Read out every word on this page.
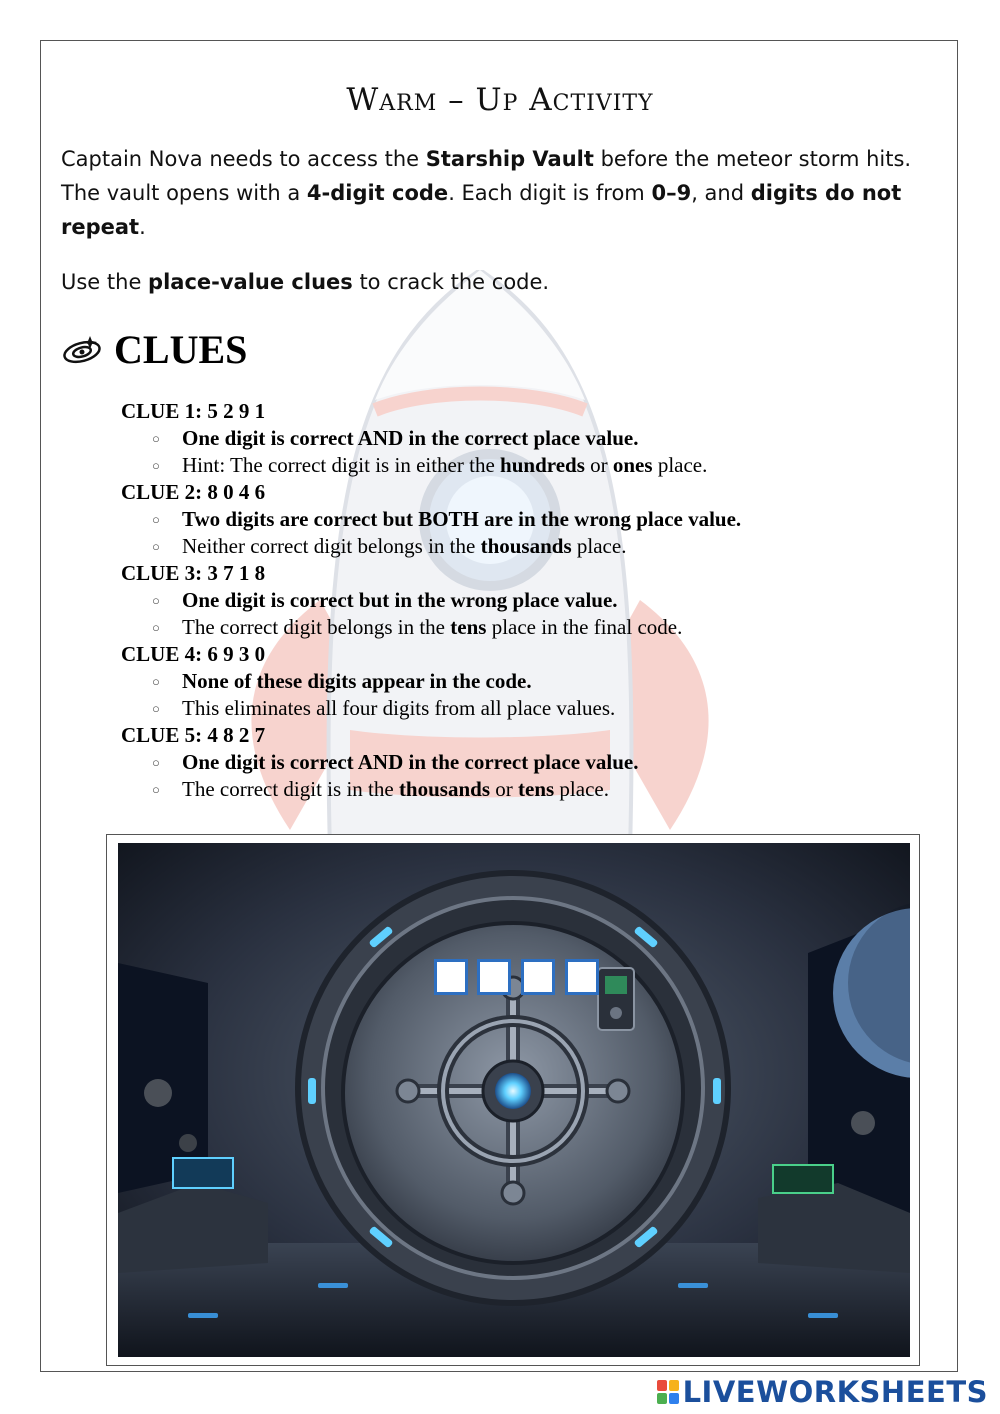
Warm – Up Activity
Captain Nova needs to access the Starship Vault before the meteor storm hits. The vault opens with a 4-digit code. Each digit is from 0–9, and digits do not repeat.
Use the place-value clues to crack the code.
CLUES
CLUE 1: 5 2 9 1
○ One digit is correct AND in the correct place value.
○ Hint: The correct digit is in either the hundreds or ones place.
CLUE 2: 8 0 4 6
○ Two digits are correct but BOTH are in the wrong place value.
○ Neither correct digit belongs in the thousands place.
CLUE 3: 3 7 1 8
○ One digit is correct but in the wrong place value.
○ The correct digit belongs in the tens place in the final code.
CLUE 4: 6 9 3 0
○ None of these digits appear in the code.
○ This eliminates all four digits from all place values.
CLUE 5: 4 8 2 7
○ One digit is correct AND in the correct place value.
○ The correct digit is in the thousands or tens place.
LIVEWORKSHEETS
